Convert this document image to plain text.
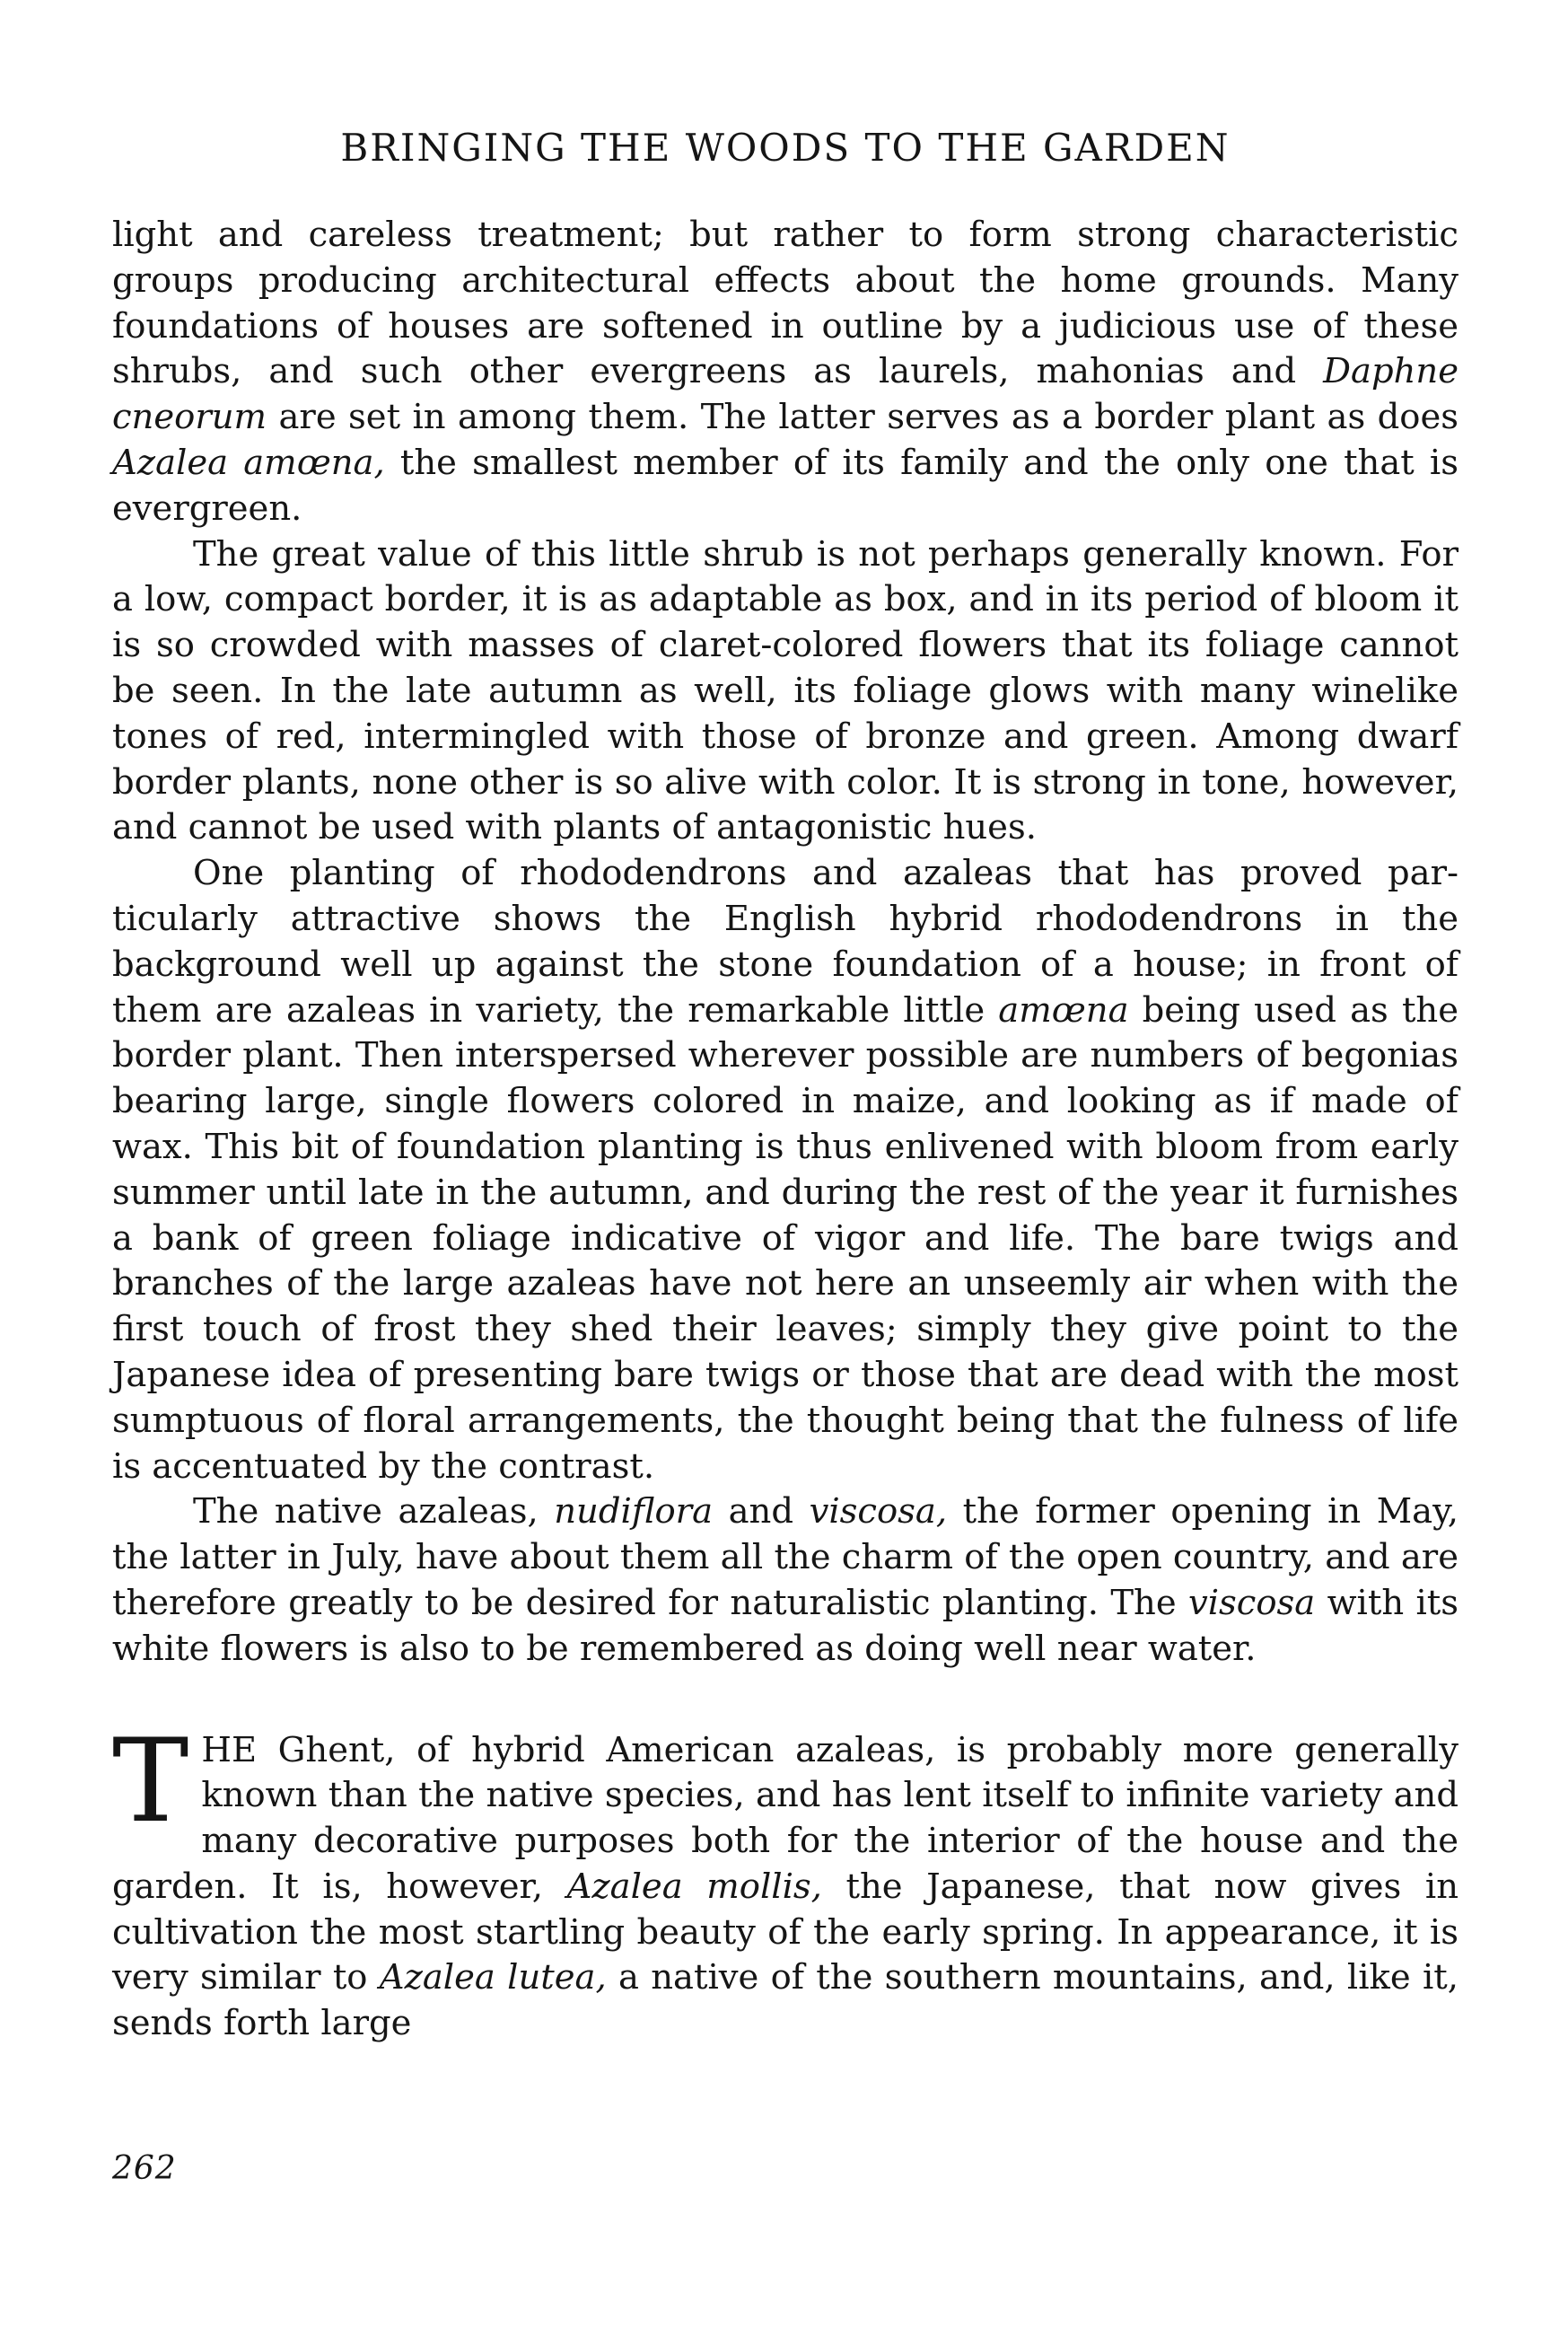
BRINGING THE WOODS TO THE GARDEN

light and careless treatment; but rather to form strong characteristic groups producing architectural effects about the home grounds. Many foundations of houses are softened in outline by a judicious use of these shrubs, and such other evergreens as laurels, mahonias and Daphne cneorum are set in among them. The latter serves as a border plant as does Azalea amœna, the smallest member of its family and the only one that is evergreen.

The great value of this little shrub is not perhaps generally known. For a low, compact border, it is as adaptable as box, and in its period of bloom it is so crowded with masses of claret-colored flowers that its foliage cannot be seen. In the late autumn as well, its foliage glows with many winelike tones of red, intermingled with those of bronze and green. Among dwarf border plants, none other is so alive with color. It is strong in tone, however, and cannot be used with plants of antagonistic hues.

One planting of rhododendrons and azaleas that has proved particularly attractive shows the English hybrid rhododendrons in the background well up against the stone foundation of a house; in front of them are azaleas in variety, the remarkable little amœna being used as the border plant. Then interspersed wherever possible are numbers of begonias bearing large, single flowers colored in maize, and looking as if made of wax. This bit of foundation planting is thus enlivened with bloom from early summer until late in the autumn, and during the rest of the year it furnishes a bank of green foliage indicative of vigor and life. The bare twigs and branches of the large azaleas have not here an unseemly air when with the first touch of frost they shed their leaves; simply they give point to the Japanese idea of presenting bare twigs or those that are dead with the most sumptuous of floral arrangements, the thought being that the fulness of life is accentuated by the contrast.

The native azaleas, nudiflora and viscosa, the former opening in May, the latter in July, have about them all the charm of the open country, and are therefore greatly to be desired for naturalistic planting. The viscosa with its white flowers is also to be remembered as doing well near water.

THE Ghent, of hybrid American azaleas, is probably more generally known than the native species, and has lent itself to infinite variety and many decorative purposes both for the interior of the house and the garden. It is, however, Azalea mollis, the Japanese, that now gives in cultivation the most startling beauty of the early spring. In appearance, it is very similar to Azalea lutea, a native of the southern mountains, and, like it, sends forth large

262
